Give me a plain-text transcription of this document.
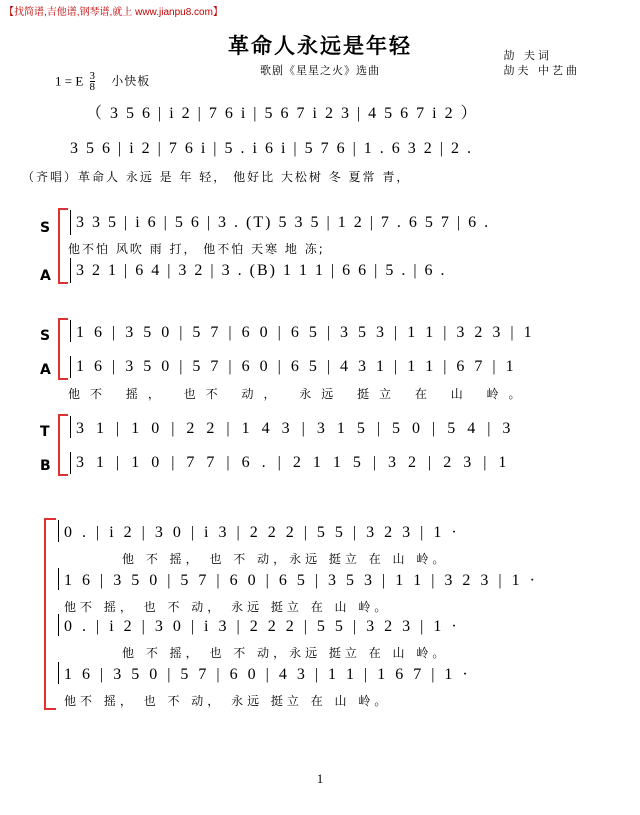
【找简谱,吉他谱,钢琴谱,就上 www.jianpu8.com】
革命人永远是年轻
歌剧《星星之火》选曲
劼 夫词
劼夫 中艺曲
1 = E $\frac{3}{8}$ 小快板
（ 3 5 6 | i 2 | 7 6 i | 5 6 7 i 2 3 | 4 5 6 7 i 2 ）
3 5 6 | i 2 | 7 6 i | 5 . i 6 i | 5 7 6 | 1 . 6 3 2 | 2 .
（齐唱）革命人 永远 是 年 轻， 他好比 大松树 冬 夏常 青，
S
A
3 3 5 | i 6 | 5 6 | 3 . (T) 5 3 5 | 1 2 | 7 . 6 5 7 | 6 .
他不怕 风吹 雨 打， 他不怕 天寒 地 冻;
3 2 1 | 6 4 | 3 2 | 3 . (B) 1 1 1 | 6 6 | 5 . | 6 .
S
A
1 6 | 3 5 0 | 5 7 | 6 0 | 6 5 | 3 5 3 | 1 1 | 3 2 3 | 1
1 6 | 3 5 0 | 5 7 | 6 0 | 6 5 | 4 3 1 | 1 1 | 6 7 | 1
他不 摇， 也不 动， 永远 挺立 在 山 岭。
T
B
3 1 | 1 0 | 2 2 | 1 4 3 | 3 1 5 | 5 0 | 5 4 | 3
3 1 | 1 0 | 7 7 | 6 . | 2 1 1 5 | 3 2 | 2 3 | 1
0 . | i 2 | 3 0 | i 3 | 2 2 2 | 5 5 | 3 2 3 | 1 ·
他 不 摇， 也 不 动，永远 挺立 在 山 岭。
1 6 | 3 5 0 | 5 7 | 6 0 | 6 5 | 3 5 3 | 1 1 | 3 2 3 | 1 ·
他不 摇， 也 不 动， 永远 挺立 在 山 岭。
0 . | i 2 | 3 0 | i 3 | 2 2 2 | 5 5 | 3 2 3 | 1 ·
他 不 摇， 也 不 动，永远 挺立 在 山 岭。
1 6 | 3 5 0 | 5 7 | 6 0 | 4 3 | 1 1 | 1 6 7 | 1 ·
他不 摇， 也 不 动， 永远 挺立 在 山 岭。
1
